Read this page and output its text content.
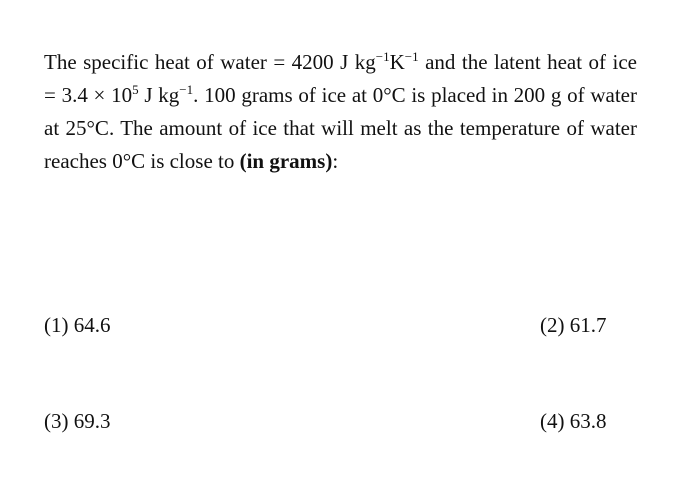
The specific heat of water = 4200 J $kg^{-1}K^{-1}$ and the latent heat of ice = $3.4 \times 10^5$ J $kg^{-1}$. 100 grams of ice at 0°C is placed in 200 g of water at 25°C. The amount of ice that will melt as the temperature of water reaches 0°C is close to (in grams):
(1) 64.6	(2) 61.7
(3) 69.3	(4) 63.8
